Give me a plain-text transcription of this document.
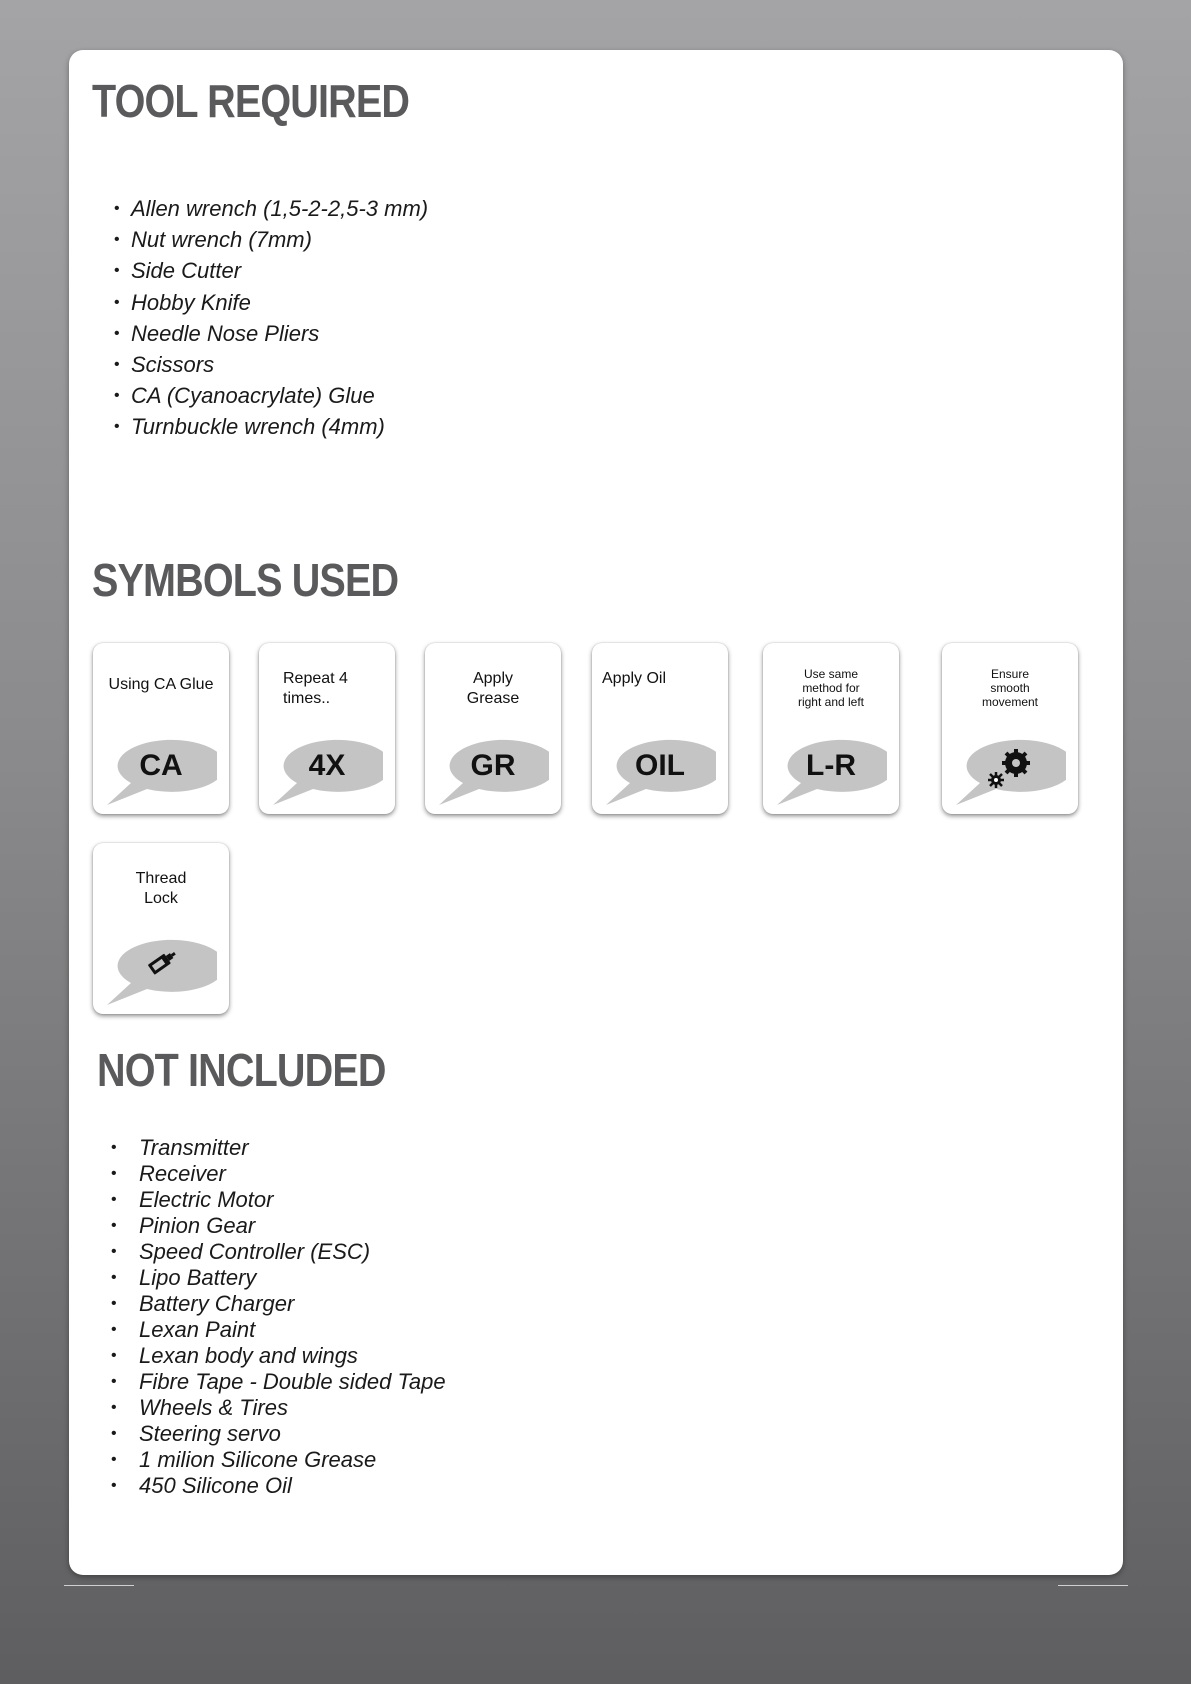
TOOL REQUIRED
• Allen wrench (1,5-2-2,5-3 mm)
• Nut wrench (7mm)
• Side Cutter
• Hobby Knife
• Needle Nose Pliers
• Scissors
• CA (Cyanoacrylate) Glue
• Turnbuckle wrench (4mm)
SYMBOLS USED
Using CA Glue
CA
Repeat 4
times..
4X
Apply
Grease
GR
Apply Oil
OIL
Use same
method for
right and left
L-R
Ensure
smooth
movement
Thread
Lock
NOT INCLUDED
• Transmitter
• Receiver
• Electric Motor
• Pinion Gear
• Speed Controller (ESC)
• Lipo Battery
• Battery Charger
• Lexan Paint
• Lexan body and wings
• Fibre Tape - Double sided Tape
• Wheels & Tires
• Steering servo
• 1 milion Silicone Grease
• 450 Silicone Oil
